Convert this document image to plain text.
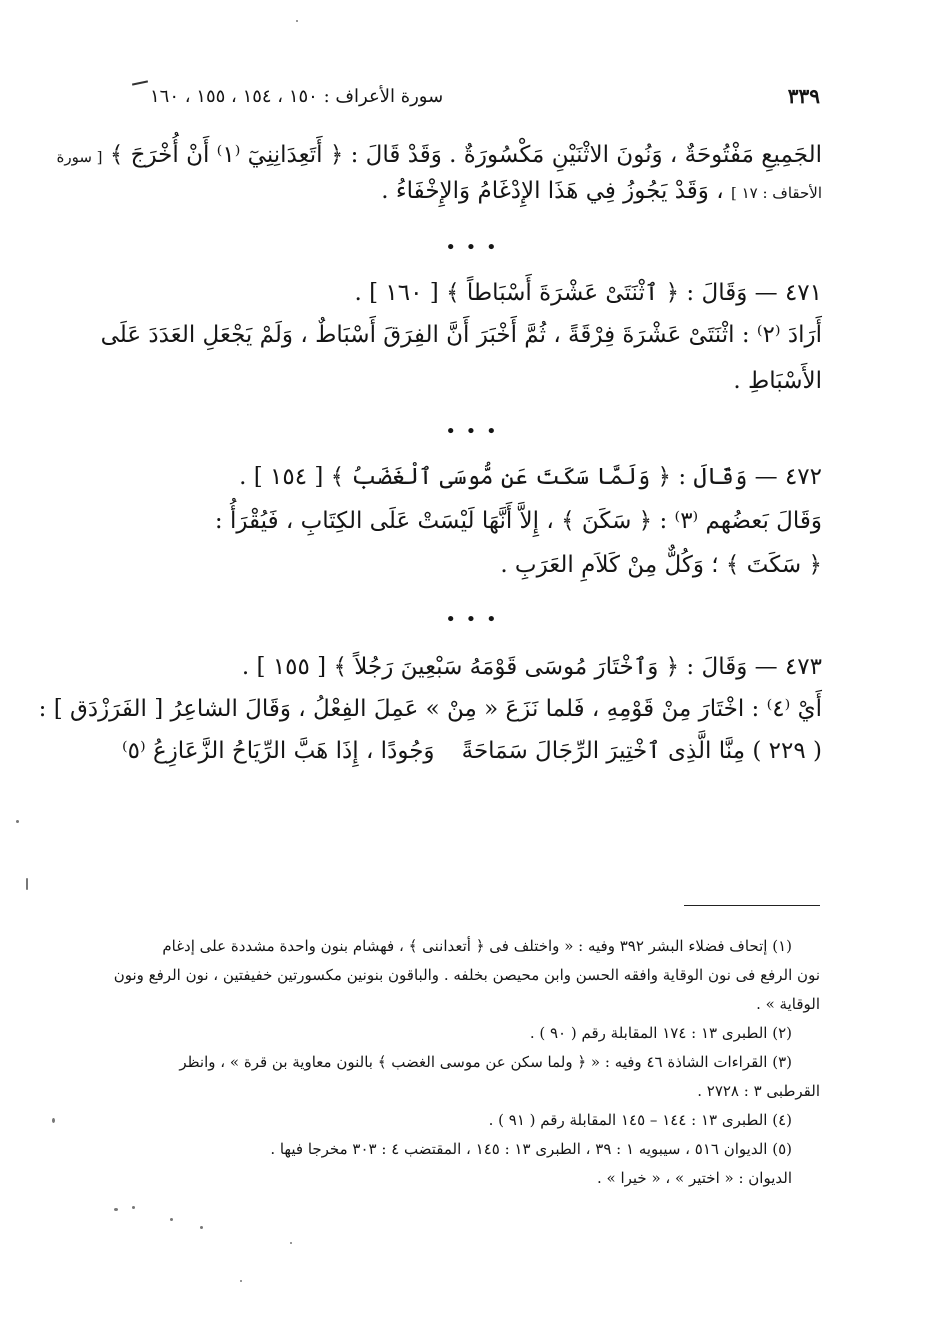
٣٣٩
سورة الأعراف : ١٥٠ ، ١٥٤ ، ١٥٥ ، ١٦٠
الجَمِيعِ مَفْتُوحَةٌ ، وَنُونَ الاثْنَيْنِ مَكْسُورَةٌ . وَقَدْ قَالَ : ﴿ أَتَعِدَانِنِيٓ ⁽١⁾ أَنْ أُخْرَجَ ﴾ [ سورة
الأحقاف : ١٧ ] ، وَقَدْ يَجُوزُ فِي هَذَا الإِدْغَامُ وَالإِخْفَاءُ .
• • •
٤٧١ — وَقَالَ : ﴿ ٱثْنَتَىْ عَشْرَةَ أَسْبَاطاً ﴾ [ ١٦٠ ] .
أَرَادَ ⁽٢⁾ : اثْنَتَىْ عَشْرَةَ فِرْقَةً ، ثُمَّ أَخْبَرَ أَنَّ الفِرَقَ أَسْبَاطٌ ، وَلَمْ يَجْعَلِ العَدَدَ عَلَى
الأَسْبَاطِ .
• • •
٤٧٢ — وَقَالَ : ﴿ وَلَمَّا سَكَتَ عَن مُّوسَى ٱلْغَضَبُ ﴾ [ ١٥٤ ] .
وَقَالَ بَعضُهم ⁽٣⁾ : ﴿ سَكَنَ ﴾ ، إِلاَّ أَنَّهَا لَيْسَتْ عَلَى الكِتَابِ ، فَيُقْرَأُ :
﴿ سَكَتَ ﴾ ؛ وَكُلٌّ مِنْ كَلاَمِ العَرَبِ .
• • •
٤٧٣ — وَقَالَ : ﴿ وَٱخْتَارَ مُوسَى قَوْمَهُ سَبْعِينَ رَجُلاً ﴾ [ ١٥٥ ] .
أَيْ ⁽٤⁾ : اخْتَارَ مِنْ قَوْمِهِ ، فَلما نَزَعَ « مِنْ » عَمِلَ الفِعْلُ ، وَقَالَ الشاعِرُ [ الفَرَزْدَق ] :
( ٢٢٩ ) مِنَّا الَّذِى ٱخْتِيرَ الرِّجَالَ سَمَاحَةً
وَجُودًا ، إِذَا هَبَّ الرِّيَاحُ الزَّعَازِعُ ⁽٥⁾
(١) إتحاف فضلاء البشر ٣٩٢ وفيه : « واختلف فى ﴿ أتعداننى ﴾ ، فهشام بنون واحدة مشددة على إدغام
نون الرفع فى نون الوقاية وافقه الحسن وابن محيصن بخلفه . والباقون بنونين مكسورتين خفيفتين ، نون الرفع ونون
الوقاية » .
(٢) الطبرى ١٣ : ١٧٤ المقابلة رقم ( ٩٠ ) .
(٣) القراءات الشاذة ٤٦ وفيه : « ﴿ ولما سكن عن موسى الغضب ﴾ بالنون معاوية بن قرة » ، وانظر
القرطبى ٣ : ٢٧٢٨ .
(٤) الطبرى ١٣ : ١٤٤ – ١٤٥ المقابلة رقم ( ٩١ ) .
(٥) الديوان ٥١٦ ، سيبويه ١ : ٣٩ ، الطبرى ١٣ : ١٤٥ ، المقتضب ٤ : ٣٠٣ مخرجا فيها .
الديوان : « اختير » ، « خيرا » .
